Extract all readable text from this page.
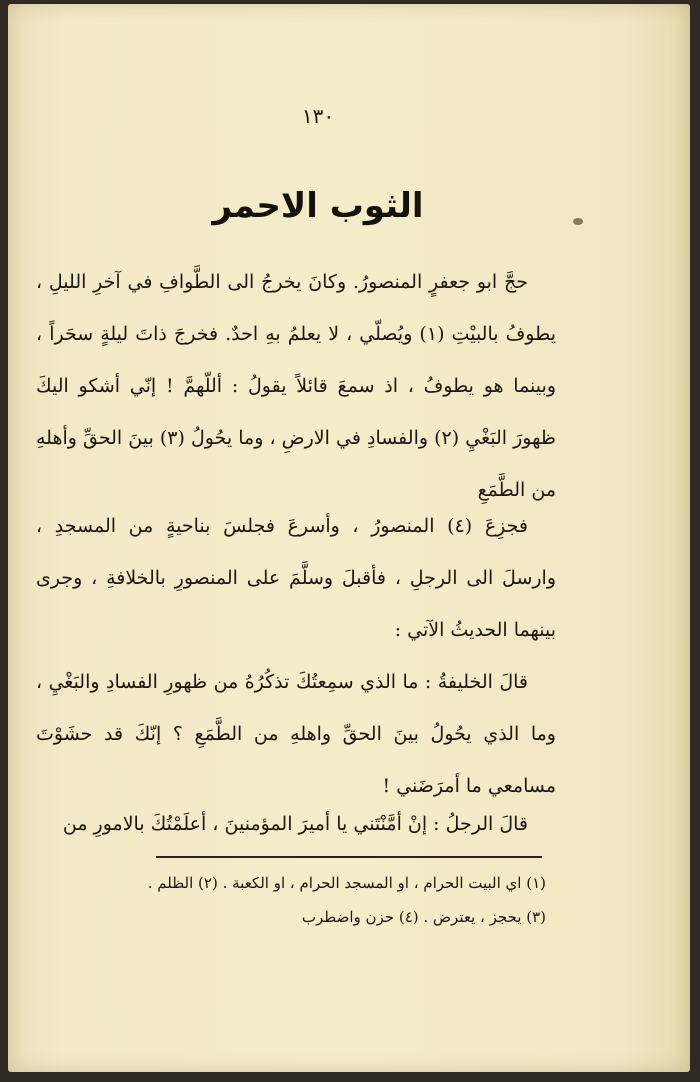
١٣٠
الثوب الاحمر

حجَّ ابو جعفرٍ المنصورُ. وكانَ يخرجُ الى الطَّوافِ في آخرِ الليلِ ، يطوفُ بالبيْتِ (١) ويُصلّي ، لا يعلمُ بهِ احدٌ. فخرجَ ذاتَ ليلةٍ سحَراً ، وبينما هو يطوفُ ، اذ سمعَ قائلاً يقولُ : أللّهمَّ ! إنّي أشكو اليكَ ظهورَ البَغْيِ (٢) والفسادِ في الارضِ ، وما يحُولُ (٣) بينَ الحقِّ وأهلهِ من الطَّمَعِ

فجزِعَ (٤) المنصورُ ، وأسرعَ فجلسَ بناحيةٍ من المسجدِ ، وارسلَ الى الرجلِ ، فأقبلَ وسلَّمَ على المنصورِ بالخلافةِ ، وجرى بينهما الحديثُ الآتي :

قالَ الخليفةُ : ما الذي سمِعتُكَ تذكُرُهُ من ظهورِ الفسادِ والبَغْيِ ، وما الذي يحُولُ بينَ الحقِّ واهلهِ من الطَّمَعِ ؟ إنّكَ قد حشَوْتَ مسامعي ما أمرَضَني !

قالَ الرجلُ : إنْ أمَّنْتَني يا أميرَ المؤمنينَ ، أعلَمْتُكَ بالامورِ من

(١) اي البيت الحرام ، او المسجد الحرام ، او الكعبة . (٢) الظلم .
(٣) يحجز ، يعترض . (٤) حزن واضطرب
